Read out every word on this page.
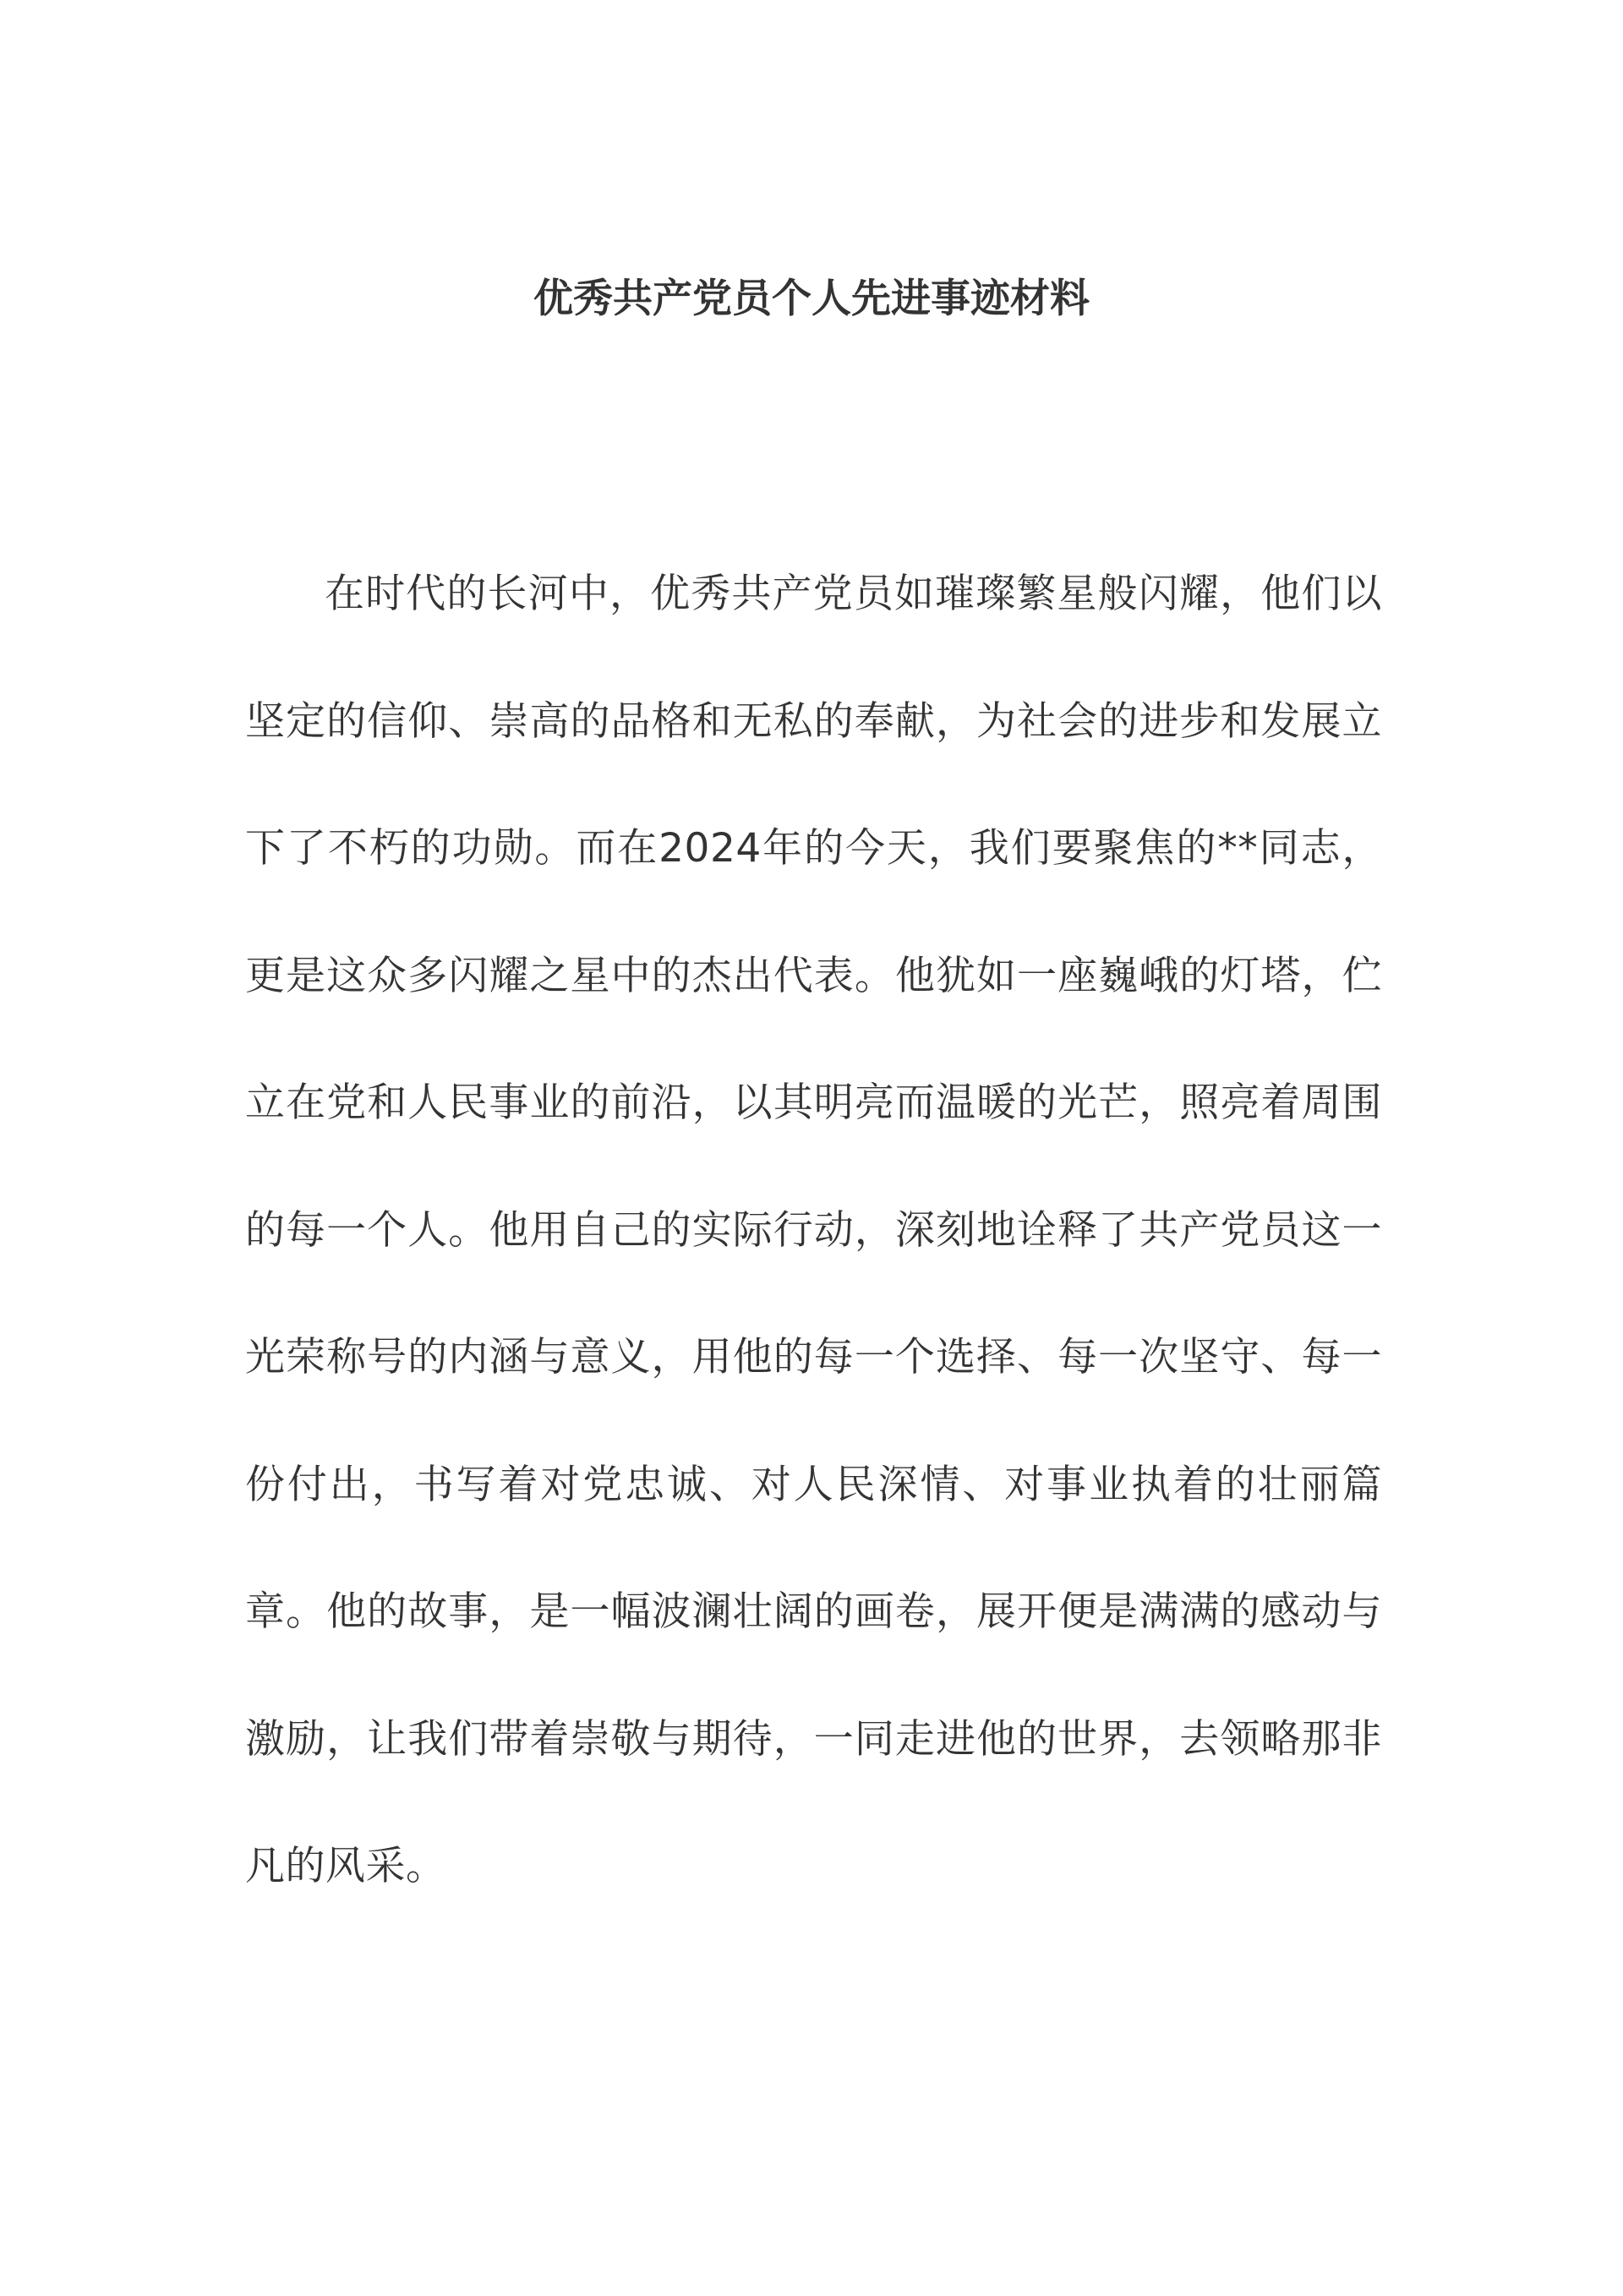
优秀共产党员个人先进事迹材料

在时代的长河中，优秀共产党员如璀璨繁星般闪耀，他们以坚定的信仰、崇高的品格和无私的奉献，为社会的进步和发展立下了不朽的功勋。而在2024年的今天，我们要聚焦的**同志，更是这众多闪耀之星中的杰出代表。他犹如一座巍峨的灯塔，伫立在党和人民事业的前沿，以其明亮而温暖的光芒，照亮着周围的每一个人。他用自己的实际行动，深刻地诠释了共产党员这一光荣称号的内涵与意义，用他的每一个选择、每一次坚守、每一份付出，书写着对党忠诚、对人民深情、对事业执着的壮丽篇章。他的故事，是一幅波澜壮阔的画卷，展开便是满满的感动与激励，让我们带着崇敬与期待，一同走进他的世界，去领略那非凡的风采。
